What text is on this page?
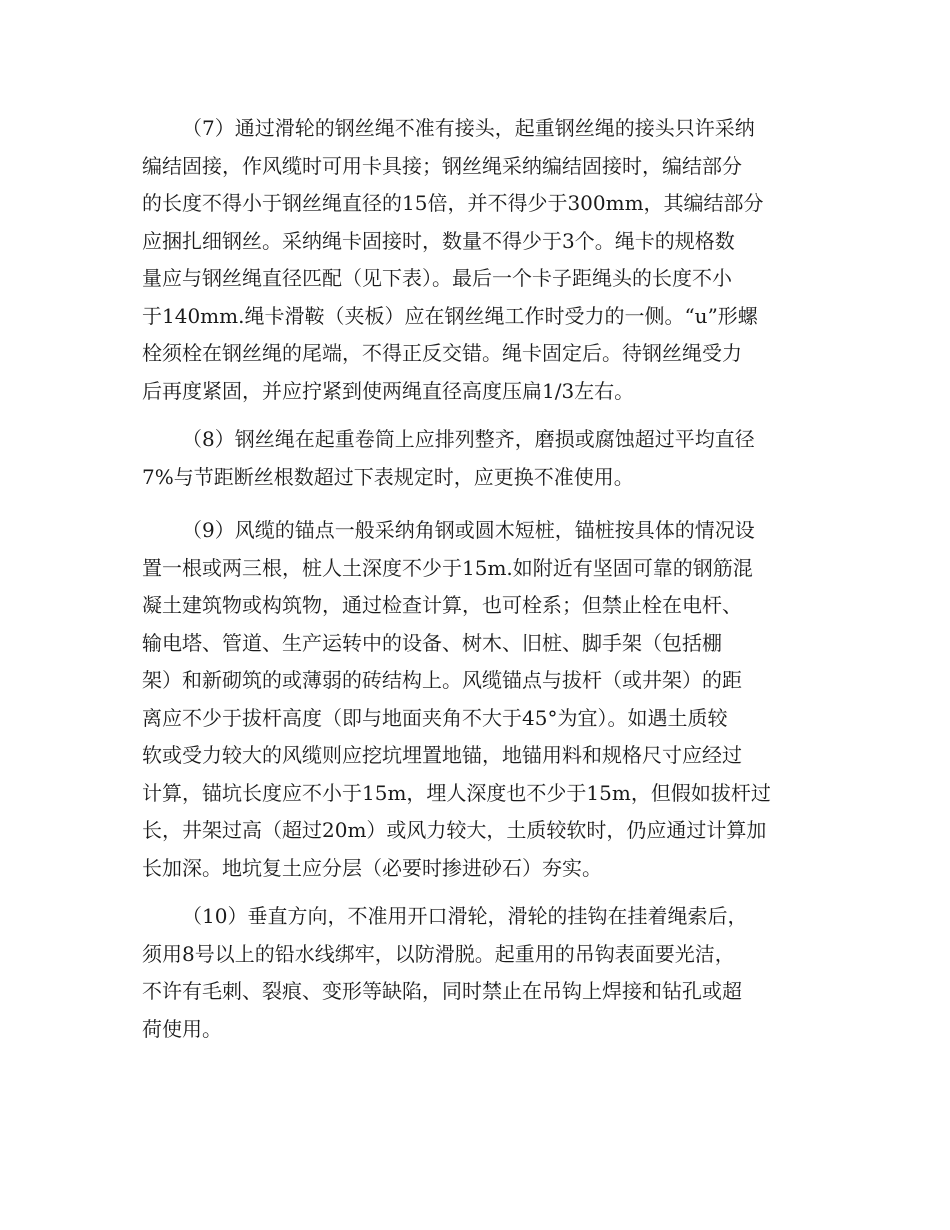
（7）通过滑轮的钢丝绳不准有接头，起重钢丝绳的接头只许采纳
编结固接，作风缆时可用卡具接；钢丝绳采纳编结固接时，编结部分
的长度不得小于钢丝绳直径的15倍，并不得少于300mm，其编结部分
应捆扎细钢丝。采纳绳卡固接时，数量不得少于3个。绳卡的规格数
量应与钢丝绳直径匹配（见下表）。最后一个卡子距绳头的长度不小
于140mm.绳卡滑鞍（夹板）应在钢丝绳工作时受力的一侧。“u”形螺
栓须栓在钢丝绳的尾端，不得正反交错。绳卡固定后。待钢丝绳受力
后再度紧固，并应拧紧到使两绳直径高度压扁1/3左右。

（8）钢丝绳在起重卷筒上应排列整齐，磨损或腐蚀超过平均直径
7%与节距断丝根数超过下表规定时，应更换不准使用。

（9）风缆的锚点一般采纳角钢或圆木短桩，锚桩按具体的情况设
置一根或两三根，桩人土深度不少于15m.如附近有坚固可靠的钢筋混
凝土建筑物或构筑物，通过检查计算，也可栓系；但禁止栓在电杆、
输电塔、管道、生产运转中的设备、树木、旧桩、脚手架（包括棚
架）和新砌筑的或薄弱的砖结构上。风缆锚点与拔杆（或井架）的距
离应不少于拔杆高度（即与地面夹角不大于45°为宜）。如遇土质较
软或受力较大的风缆则应挖坑埋置地锚，地锚用料和规格尺寸应经过
计算，锚坑长度应不小于15m，埋人深度也不少于15m，但假如拔杆过
长，井架过高（超过20m）或风力较大，土质较软时，仍应通过计算加
长加深。地坑复土应分层（必要时掺进砂石）夯实。

（10）垂直方向，不准用开口滑轮，滑轮的挂钩在挂着绳索后，
须用8号以上的铅水线绑牢，以防滑脱。起重用的吊钩表面要光洁，
不许有毛刺、裂痕、变形等缺陷，同时禁止在吊钩上焊接和钻孔或超
荷使用。
